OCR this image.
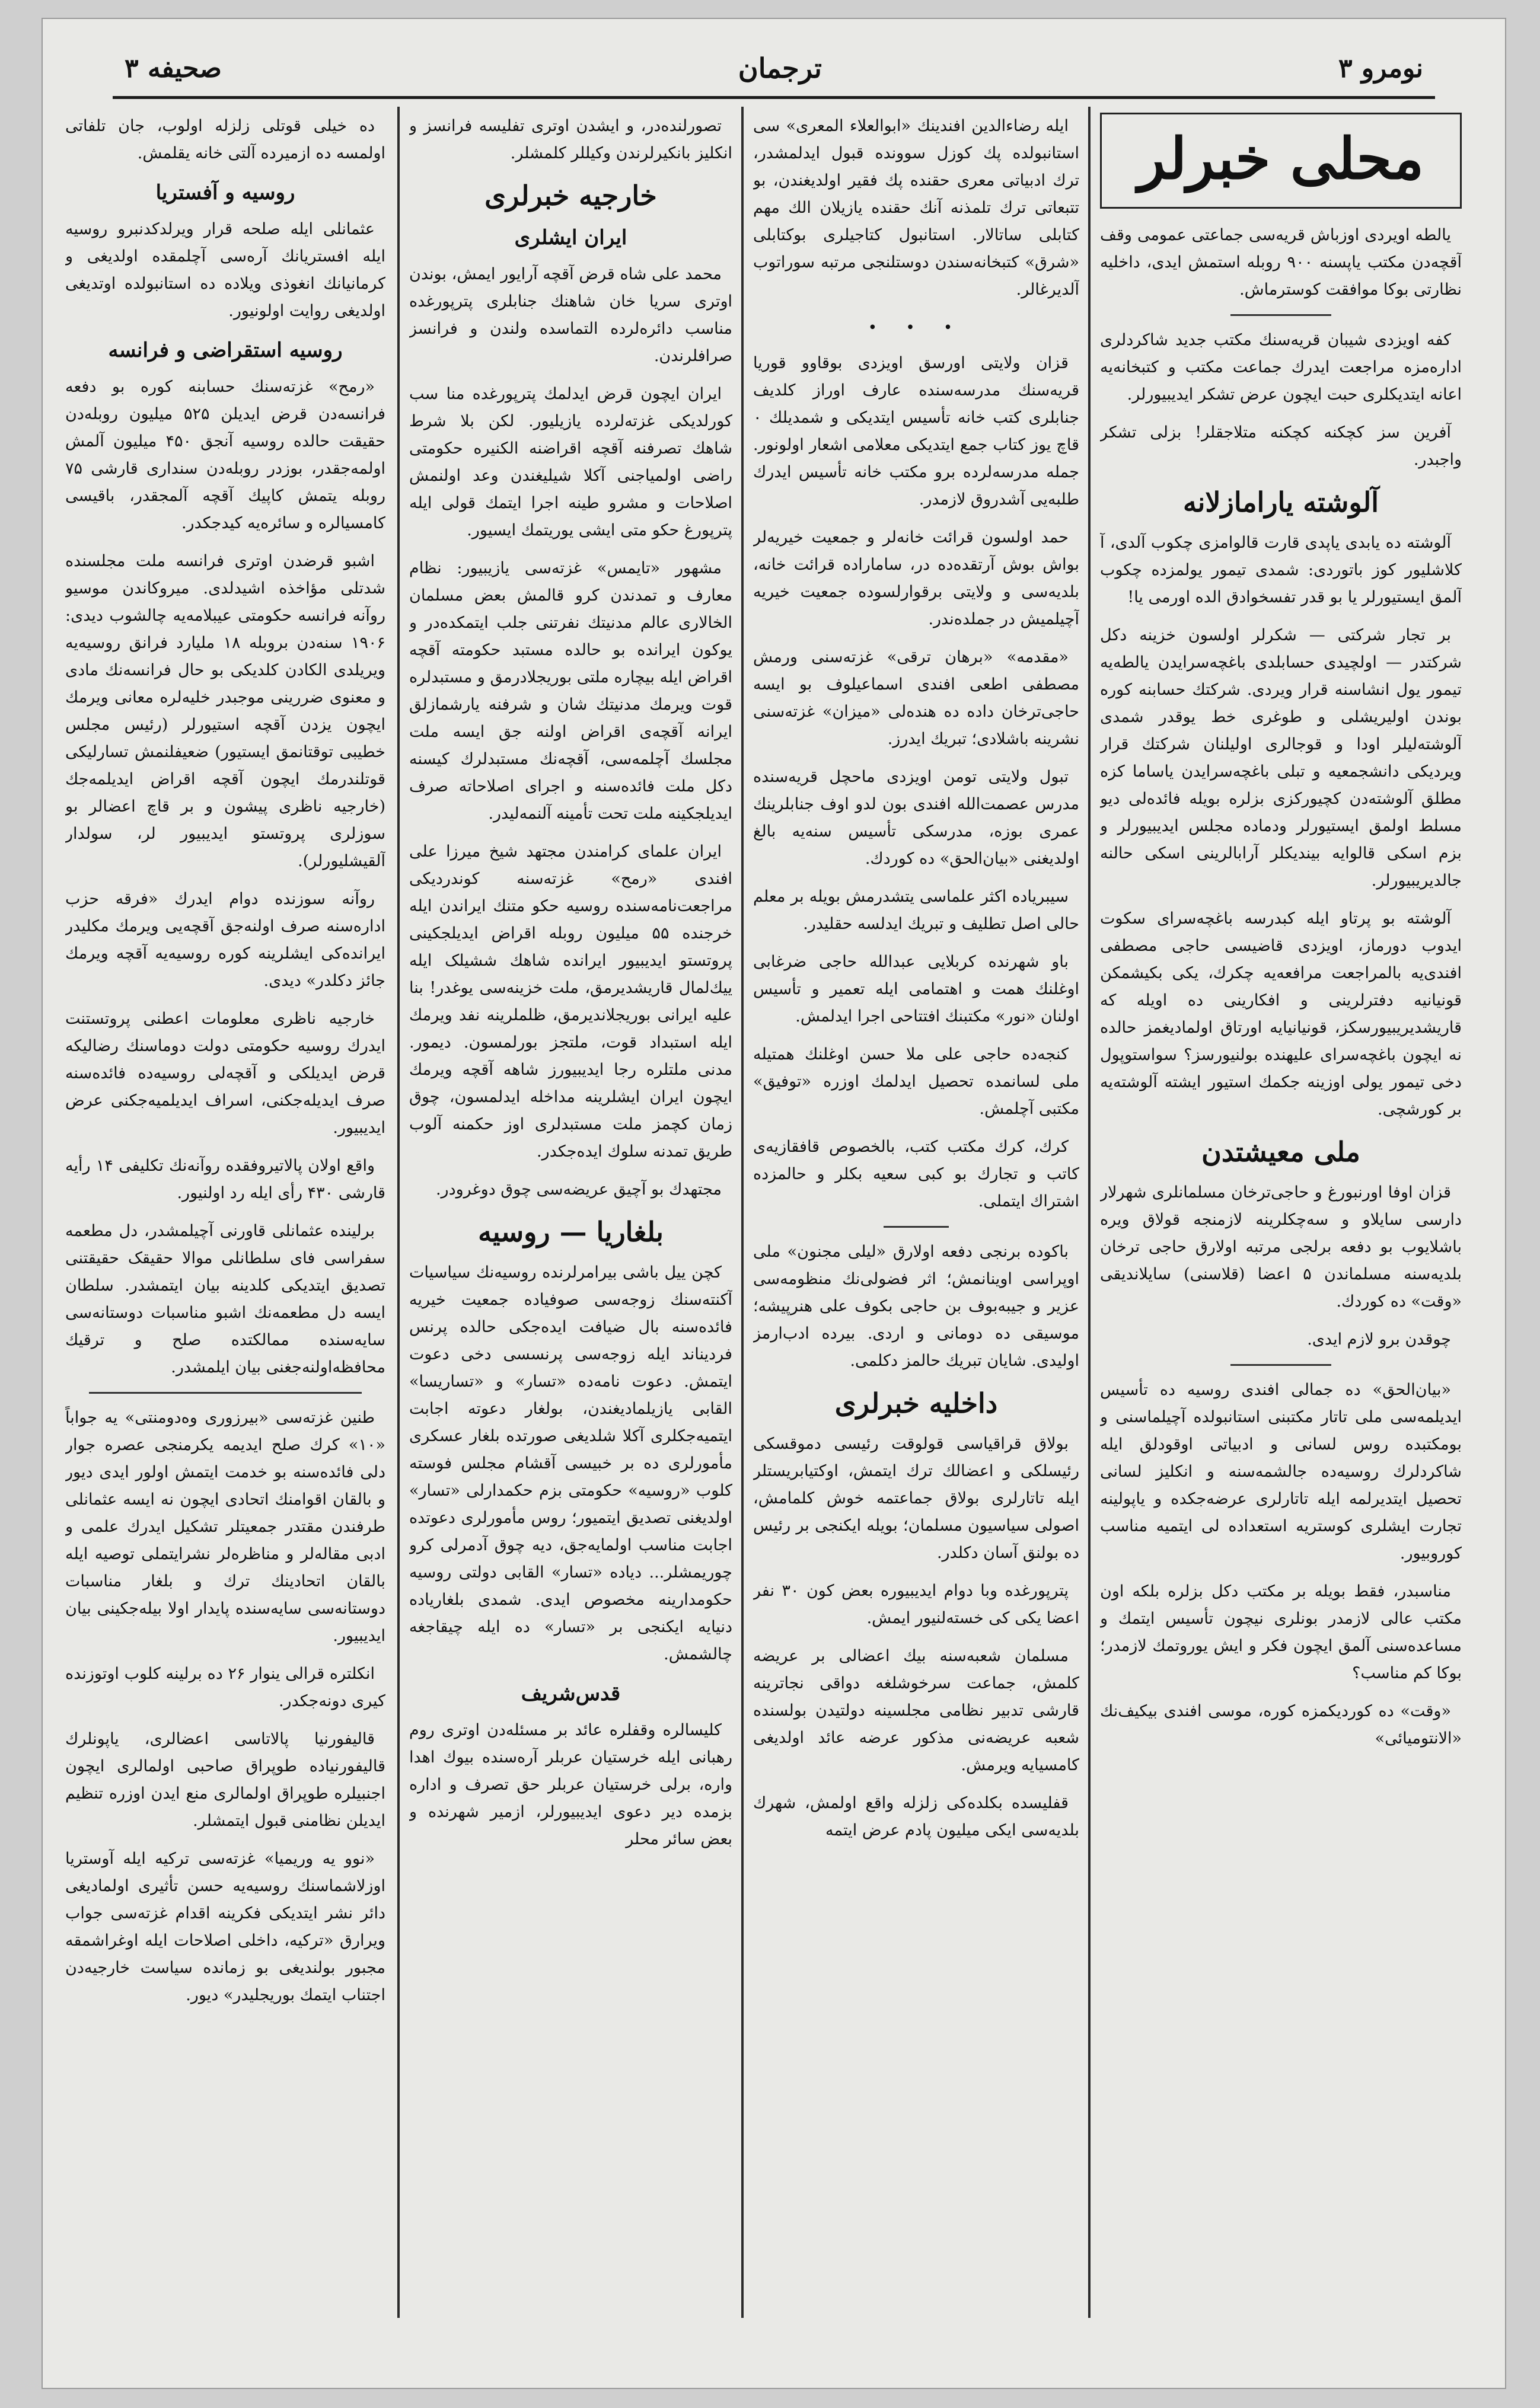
نومرو ۳
ترجمان
صحیفه ۳
محلی خبرلر

یالطه اویردی اوزباش قریه‌سی جماعتی عمومی وقف آقچه‌دن مکتب یاپسنه ۹۰۰ روبله استمش ایدی، داخلیه نظارتی بوکا موافقت کوسترماش.

کفه اویزدی شیبان قریه‌سنك مکتب جدید شاکردلری اداره‌مزه مراجعت ایدرك جماعت مکتب و کتبخانه‌یه اعانه ایتدیکلری حبت ایچون عرض تشکر ایدیبیورلر.

آفرین سز کچکنه کچکنه متلاجقلر! بزلی تشکر واجبدر.

آلوشته یارامازلانه

آلوشته ده یابدی یاپدی قارت قالوامزی چکوب آلدی، آ کلاشلیور کوز باتوردی: شمدی تیمور یولمزده چکوب آلمق ایستیورلر یا بو قدر تفسخوادق الده اورمی یا!

بر تجار شرکتی — شکرلر اولسون خزینه دکل شرکتدر — اولچیدی حسابلدی باغچه‌سرایدن یالطه‌یه تیمور یول انشاسنه قرار ویردی. شرکتك حسابنه کوره بوندن اولیریشلی و طوغری خط یوقدر شمدی آلوشته‌لیلر اودا و قوجالری اولیلنان شرکتك قرار ویردیکی دانشجمعیه و تبلی باغچه‌سرایدن یاساما کزه مطلق آلوشته‌دن کچیورکزی بزلره بویله فائده‌لی دیو مسلط اولمق ایستیورلر ودماده مجلس ایدیبیورلر و بزم اسکی قالوایه بیندیکلر آرابالرینی اسکی حالنه جالدیریبیورلر.

آلوشته بو پرتاو ایله کبدرسه باغچه‌سرای سکوت ایدوب دورماز، اویزدی قاضیسی حاجی مصطفی افندی‌یه بالمراجعت مرافعه‌یه چکرك، یکی بکیشمكن قونیانیه دفترلرینی و افکارینی ده اویله که قاریشدیریبیورسکز، قونیانیایه اورتاق اولمادیغمز حالده نه ایچون باغچه‌سرای علیهنده بولنیورسز؟ سواستوپول دخی تیمور یولی اوزینه جکمك استیور ایشته آلوشته‌یه بر کورشچی.

ملی معیشتدن

قزان اوفا اورنبورغ و حاجی‌ترخان مسلمانلری شهرلار دارسی سایلاو و سه‌چکلرینه لازمنجه قولاق ویره باشلایوب بو دفعه برلجی مرتبه اولارق حاجی ترخان بلدیه‌سنه مسلماندن ۵ اعضا (قلاسنی) سایلاندیقی «وقت» ده کوردك.

چوقدن برو لازم ایدی.

«بیان‌الحق» ده جمالی افندی روسیه ده تأسیس ایدیلمه‌سی ملی تاتار مکتبنی استانبولده آچیلماسنی و بومکتبده روس لسانی و ادبیاتی اوقودلق ایله شاکردلرك روسیه‌ده جالشمه‌سنه و انکلیز لسانی تحصیل ایتدیرلمه ایله تاتارلری عرضه‌جکده و یاپولینه تجارت ایشلری کوستریه استعداده لی ایتمیه مناسب کوروبیور.

مناسبدر، فقط بویله بر مکتب دکل بزلره بلکه اون مکتب عالی لازمدر بونلری نیچون تأسیس ایتمك و مساعده‌سنی آلمق ایچون فکر و ایش یوروتمك لازمدر؛ بوکا کم مناسب؟

«وقت» ده کوردیکمزه کوره، موسی افندی بیکیف‌نك «الانتومیائی»

ایله رضاء‌الدین افندینك «ابوالعلاء المعری» سی استانبولده پك کوزل سوونده قبول ایدلمشدر، ترك ادبیاتی معری حقنده پك فقیر اولدیغندن، بو تتبعاتی ترك تلمذنه آنك حقنده یازیلان الك مهم کتابلی ساتالار. استانبول کتاجیلری بوکتابلی «شرق» کتبخانه‌سندن دوستلنجی مرتبه سوراتوب آلدیرغالر.

• • •

قزان ولایتی اورسق اویزدی بوقاوو قوریا قریه‌سنك مدرسه‌سنده عارف اوراز کلدیف جنابلری کتب خانه تأسیس ایتدیکی و شمدیلك ۰ قاچ یوز کتاب جمع ایتدیکی معلامی اشعار اولونور. جمله مدرسه‌لرده برو مکتب خانه تأسیس ایدرك طلبه‌یی آشدروق لازمدر.

حمد اولسون قرائت خانه‌لر و جمعیت خیریه‌لر بواش بوش آرتقده‌ده در، ساماراده قرائت خانه، بلدیه‌سی و ولایتی برقوارلسوده جمعیت خیریه آچیلمیش در جملده‌ندر.

«مقدمه» «برهان ترقی» غزته‌سنی ورمش مصطفی اطعی افندی اسماعیلوف بو ایسه حاجی‌ترخان داده ده هنده‌لی «میزان» غزته‌سنی نشرینه باشلادی؛ تبریك ایدرز.

تبول ولایتی تومن اویزدی ماحچل قریه‌سنده مدرس عصمت‌الله افندی بون لدو اوف جنابلرینك عمری بوزه، مدرسکی تأسیس سنه‌یه بالغ اولدیغنی «بیان‌الحق» ده کوردك.

سیبریاده اکثر علماسی یتشدرمش بویله بر معلم حالی اصل تطلیف و تبریك ایدلسه حقلیدر.

باو شهرنده کربلایی عبدالله حاجی ضرغابی اوغلنك همت و اهتمامی ایله تعمیر و تأسیس اولنان «نور» مکتبنك افتتاحی اجرا ایدلمش.

کنجه‌ده حاجی علی ملا حسن اوغلنك همتیله ملی لسانمده تحصیل ایدلمك اوزره «توفیق» مکتبی آچلمش.

کرك، کرك مکتب کتب، بالخصوص قافقازیه‌ی کاتب و تجارك بو کبی سعیه بکلر و حالمزده اشتراك ایتملی.

باکوده برنجی دفعه اولارق «لیلی مجنون» ملی اوپراسی اوینانمش؛ اثر فضولی‌نك منظومه‌سی عزیر و جیبه‌بوف بن حاجی بکوف علی هنرپیشه؛ موسیقی ده دومانی و اردی. بیرده ادب‌ارمز اولیدی. شایان تبریك حالمز دکلمی.

داخلیه خبرلری

بولاق قراقیاسی قولوقت رئیسی دموقسکی رئیسلکی و اعضالك ترك ایتمش، اوکتیابریستلر ایله تاتارلری بولاق جماعتمه خوش کلمامش، اصولی سیاسیون مسلمان؛ بویله ایکنجی بر رئیس ده بولنق آسان دکلدر.

پترپورغده وبا دوام ایدیبیوره بعض کون ۳۰ نفر اعضا یکی کی خسته‌لنیور ایمش.

مسلمان شعبه‌سنه بیك اعضالی بر عریضه کلمش، جماعت سرخوشلغه دواقی نجاترینه قارشی تدبیر نظامی مجلسینه دولتیدن بولسنده شعبه عریضه‌نی مذکور عرضه عائد اولدیغی کامسیایه ویرمش.

قفلیسده بکلده‌کی زلزله واقع اولمش، شهرك بلدیه‌سی ایکی میلیون پادم عرض ایتمه

تصورلنده‌در، و ایشدن اوتری تفلیسه فرانسز و انکلیز بانکیرلرندن وکیللر کلمشلر.

خارجیه خبرلری
ایران ایشلری

محمد علی شاه قرض آقچه آرایور ایمش، بوندن اوتری سریا خان شاهنك جنابلری پترپورغده مناسب دائره‌لرده التماسده ولندن و فرانسز صرافلرندن.

ایران ایچون قرض ایدلمك پترپورغده منا سب کورلدیکی غزته‌لرده یازیلیور. لکن بلا شرط شاهك تصرفنه آقچه اقراضنه الکنیره حکومتی راضی اولمیاجنی آکلا شیلیغندن وعد اولنمش اصلاحات و مشرو طینه اجرا ایتمك قولی ایله پترپورغ حکو متی ایشی یوریتمك ایسیور.

مشهور «تایمس» غزته‌سی یازیبیور: نظام معارف و تمدندن کرو قالمش بعض مسلمان الخالاری عالم مدنیتك نفرتنی جلب ایتمکده‌در و یوکون ایرانده بو حالده مستبد حکومته آقچه اقراض ایله بیچاره ملتی بوریجلادرمق و مستبدلره قوت ویرمك مدنیتك شان و شرفنه یارشمازلق ایرانه آقچه‌ی اقراض اولنه جق ایسه ملت مجلسك آچلمه‌سی، آقچه‌نك مستبدلرك کیسنه دکل ملت فائده‌سنه و اجرای اصلاحاته صرف ایدیلجکینه ملت تحت تأمینه آلنمه‌لیدر.

ایران علمای کرامندن مجتهد شیخ میرزا علی افندی «رمح» غزته‌سنه کوندردیکی مراجعت‌نامه‌سنده روسیه حکو متنك ایراندن ایله خرجنده ۵۵ میلیون روبله اقراض ایدیلجکینی پروتستو ایدیبیور ایرانده شاهك ششیلک ایله ییك‌لمال قاریشدیرمق، ملت خزینه‌سی یوغدر! بنا علیه ایرانی بوریجلاندیرمق، ظلملرینه نفد ویرمك ایله استبداد قوت، ملتجز بورلمسون. دیمور. مدنی ملتلره رجا ایدیبیورز شاهه آقچه ویرمك ایچون ایران ایشلرینه مداخله ایدلمسون، چوق زمان کچمز ملت مستبدلری اوز حکمنه آلوب طریق تمدنه سلوك ایده‌جکدر.

مجتهدك بو آچیق عریضه‌سی چوق دوغرودر.

بلغاریا — روسیه

کچن ییل باشی بیرامرلرنده روسیه‌نك سیاسیات آکنته‌سنك زوجه‌سی صوفیاده جمعیت خیریه فائده‌سنه بال ضیافت ایده‌جکی حالده پرنس فردیناند ایله زوجه‌سی پرنسسی دخی دعوت ایتمش. دعوت نامه‌ده «تسار» و «تساریسا» القابی یازیلمادیغندن، بولغار دعوته اجابت ایتمیه‌جکلری آکلا شلدیغی صورتده بلغار عسکری مأمورلری ده بر خبیسی آقشام مجلس فوسته کلوب «روسیه» حکومتی بزم حکمدارلی «تسار» اولدیغنی تصدیق ایتمیور؛ روس مأمورلری دعوتده اجابت مناسب اولمایه‌جق، دیه چوق آدمرلی کرو چوریمشلر... دیاده «تسار» القابی دولتی روسیه حکومدارینه مخصوص ایدی. شمدی بلغاریاده دنیایه ایکنجی بر «تسار» ده ایله چیقاجغه چالشمش.

قدس‌شریف

کلیسالره وقفلره عائد بر مسئله‌دن اوتری روم رهبانی ایله خرستیان عربلر آره‌سنده بیوك اهدا واره، برلی خرستیان عربلر حق تصرف و اداره بزمده دیر دعوی ایدیبیورلر، ازمیر شهرنده و بعض سائر محلر

ده خیلی قوتلی زلزله اولوب، جان تلفاتی اولمسه ده ازمیرده آلتی خانه یقلمش.

روسیه و آفستریا

عثمانلی ایله صلحه قرار ویرلدکدنبرو روسیه ایله افستریانك آره‌سی آچلمقده اولدیغی و کرمانیانك انغوذی ویلاده ده استانبولده اوتدیغی اولدیغی روایت اولونیور.

روسیه استقراضی و فرانسه

«رمح» غزته‌سنك حسابنه کوره بو دفعه فرانسه‌دن قرض ایدیلن ۵۲۵ میلیون روبله‌دن حقیقت حالده روسیه آنجق ۴۵۰ میلیون آلمش اولمه‌جقدر، بوزدر روبله‌دن سنداری قارشی ۷۵ روبله یتمش کاپیك آقچه آلمجقدر، باقیسی کامسیالره و سائره‌یه کیدجکدر.

اشبو قرضدن اوتری فرانسه ملت مجلسنده شدتلی مؤاخذه اشیدلدی. میروکاندن موسیو روآنه فرانسه حکومتی عیبلامه‌یه چالشوب دیدی: ۱۹۰۶ سنه‌دن بروبله ۱۸ ملیارد فرانق روسیه‌یه ویریلدی الکادن کلدیکی بو حال فرانسه‌نك مادی و معنوی ضررینی موجبدر خلیه‌لره معانی ویرمك ایچون یزدن آقچه استیورلر (رئیس مجلس خطیبی توقتانمق ایستیور) ضعیفلنمش تسارلیکی قوتلندرمك ایچون آقچه اقراض ایدیلمه‌جك (خارجیه ناظری پیشون و بر قاچ اعضالر بو سوزلری پروتستو ایدیبیور لر، سولدار آلقیشلیورلر).

روآنه سوزنده دوام ایدرك «فرقه حزب اداره‌سنه صرف اولنه‌جق آقچه‌یی ویرمك مکلیدر ایرانده‌کی ایشلرینه کوره روسیه‌یه آقچه ویرمك جائز دکلدر» دیدی.

خارجیه ناظری معلومات اعطنی پروتستنت ایدرك روسیه حکومتی دولت دوماسنك رضالیکه قرض ایدیلکی و آقچه‌لی روسیه‌ده فائده‌سنه صرف ایدیله‌جکنی، اسراف ایدیلمیه‌جکنی عرض ایدیبیور.

واقع اولان پالاتیروفقده روآنه‌نك تکلیفی ۱۴ رأیه قارشی ۴۳۰ رأی ایله رد اولنیور.

برلینده عثمانلی قاورنی آچیلمشدر، دل مطعمه سفراسی فای سلطانلی موالا حقیقک حقیقتنی تصدیق ایتدیکی کلدینه بیان ایتمشدر. سلطان ایسه دل مطعمه‌نك اشبو مناسبات دوستانه‌سی سایه‌سنده ممالکتده صلح و ترقیك محافظه‌اولنه‌جغنی بیان ایلمشدر.

طنین غزته‌سی «بیرزوری وه‌دومنتی» یه جواباً «۱۰» کرك صلح ایدیمه یکرمنجی عصره جوار دلی فائده‌سنه بو خدمت ایتمش اولور ایدی دیور و بالقان اقوامنك اتحادی ایچون نه ایسه عثمانلی طرفندن مقتدر جمعیتلر تشکیل ایدرك علمی و ادبی مقاله‌لر و مناظره‌لر نشر‌ایتملی توصیه ایله بالقان اتحادینك ترك و بلغار مناسبات دوستانه‌سی سایه‌سنده پایدار اولا بیله‌جکینی بیان ایدیبیور.

انکلتره قرالی ینوار ۲۶ ده برلینه کلوب اوتوزنده کیری دونه‌جکدر.

قالیفورنیا پالاتاسی اعضالری، یاپونلرك قالیفورنیاده طوپراق صاحبی اولمالری ایچون اجنبیلره طوپراق اولمالری منع ایدن اوزره تنظیم ایدیلن نظامنی قبول ایتمشلر.

«نوو یه وریمیا» غزته‌سی ترکیه ایله آوستریا اوزلاشماسنك روسیه‌یه حسن تأثیری اولمادیغی دائر نشر ایتدیکی فکرینه اقدام غزته‌سی جواب ویرارق «ترکیه، داخلی اصلاحات ایله اوغراشمقه مجبور بولندیغی بو زمانده سیاست خارجیه‌دن اجتناب ایتمك بوریجلیدر» دیور.
